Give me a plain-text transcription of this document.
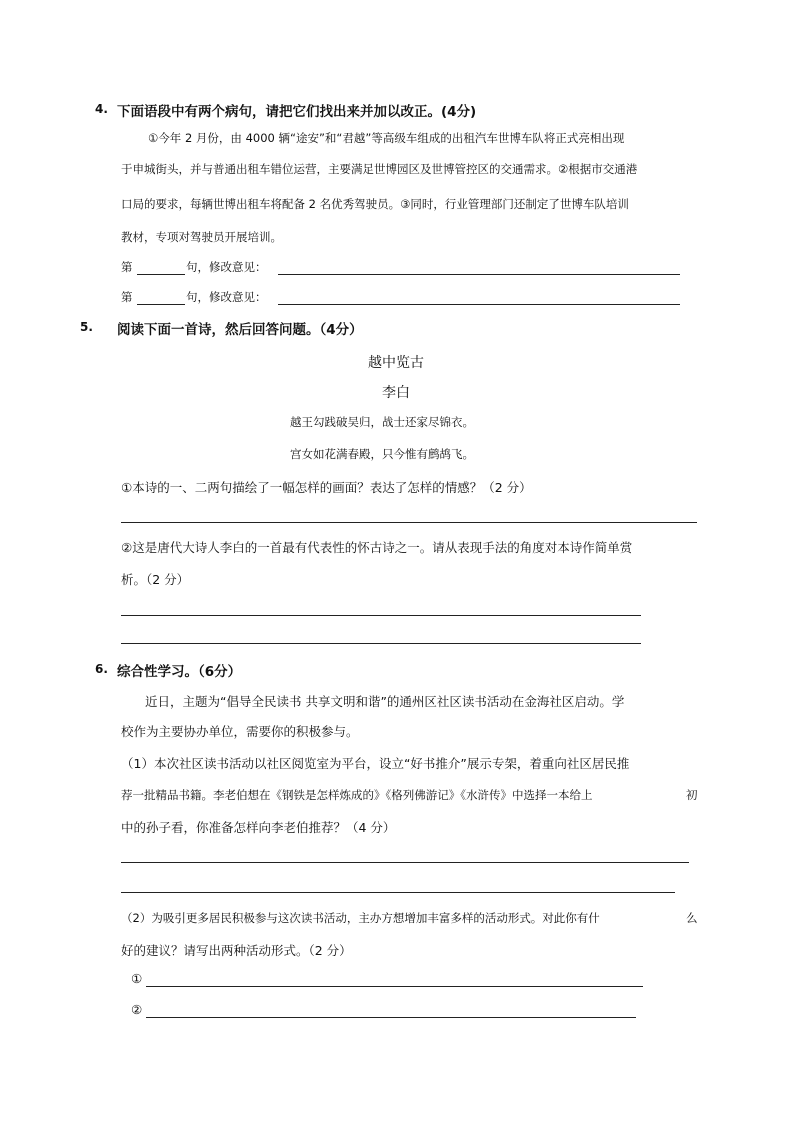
4. 下面语段中有两个病句，请把它们找出来并加以改正。(4分)
①今年 2 月份，由 4000 辆“途安”和“君越”等高级车组成的出租汽车世博车队将正式亮相出现
于申城街头，并与普通出租车错位运营，主要满足世博园区及世博管控区的交通需求。②根据市交通港
口局的要求，每辆世博出租车将配备 2 名优秀驾驶员。③同时，行业管理部门还制定了世博车队培训
教材，专项对驾驶员开展培训。
第	句，修改意见：
第	句，修改意见：
5. 阅读下面一首诗，然后回答问题。（4分）
越中览古
李白
越王勾践破吴归，战士还家尽锦衣。
宫女如花满春殿，只今惟有鹧鸪飞。
①本诗的一、二两句描绘了一幅怎样的画面？表达了怎样的情感？（2 分）
②这是唐代大诗人李白的一首最有代表性的怀古诗之一。请从表现手法的角度对本诗作简单赏
析。（2 分）
6. 综合性学习。（6分）
近日，主题为“倡导全民读书 共享文明和谐”的通州区社区读书活动在金海社区启动。学
校作为主要协办单位，需要你的积极参与。
（1）本次社区读书活动以社区阅览室为平台，设立“好书推介”展示专架，着重向社区居民推
荐一批精品书籍。李老伯想在《钢铁是怎样炼成的》《格列佛游记》《水浒传》中选择一本给上	初
中的孙子看，你准备怎样向李老伯推荐？（4 分）
（2）为吸引更多居民积极参与这次读书活动，主办方想增加丰富多样的活动形式。对此你有什	么
好的建议？请写出两种活动形式。（2 分）
①
②
